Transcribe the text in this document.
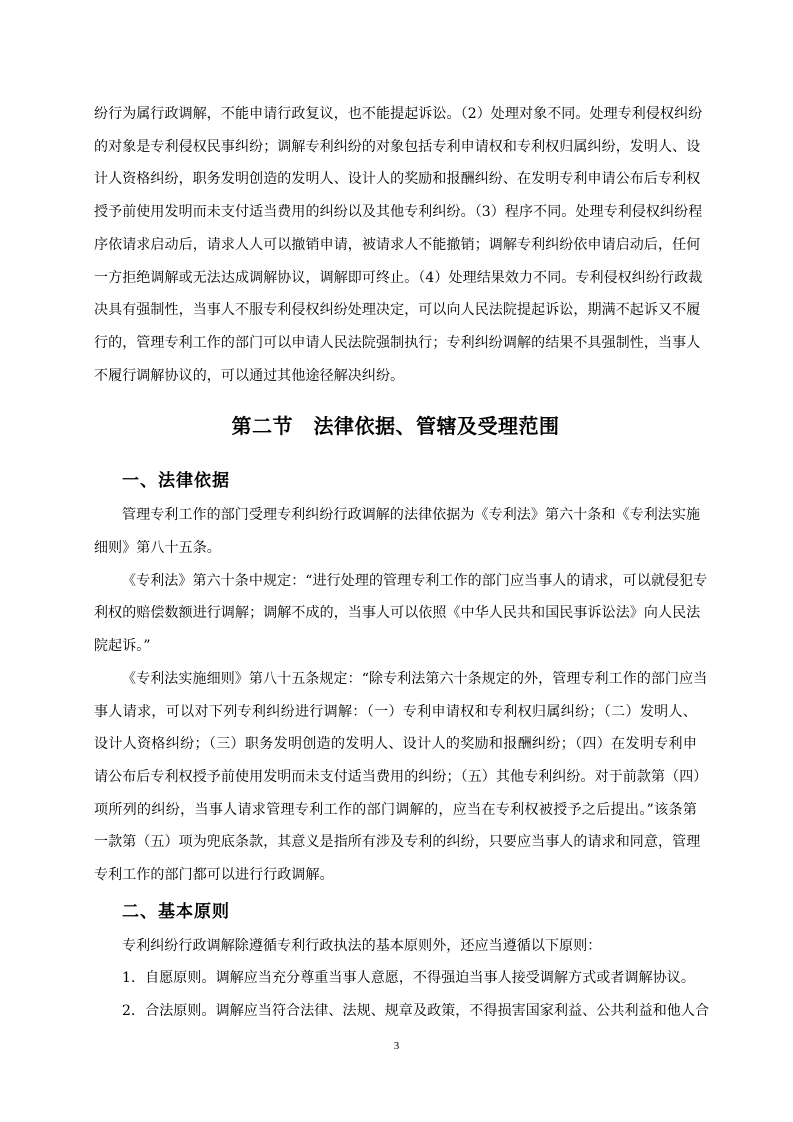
纷行为属行政调解，不能申请行政复议，也不能提起诉讼。（2）处理对象不同。处理专利侵权纠纷
的对象是专利侵权民事纠纷；调解专利纠纷的对象包括专利申请权和专利权归属纠纷，发明人、设
计人资格纠纷，职务发明创造的发明人、设计人的奖励和报酬纠纷、在发明专利申请公布后专利权
授予前使用发明而未支付适当费用的纠纷以及其他专利纠纷。（3）程序不同。处理专利侵权纠纷程
序依请求启动后，请求人人可以撤销申请，被请求人不能撤销；调解专利纠纷依申请启动后，任何
一方拒绝调解或无法达成调解协议，调解即可终止。（4）处理结果效力不同。专利侵权纠纷行政裁
决具有强制性，当事人不服专利侵权纠纷处理决定，可以向人民法院提起诉讼，期满不起诉又不履
行的，管理专利工作的部门可以申请人民法院强制执行；专利纠纷调解的结果不具强制性，当事人
不履行调解协议的，可以通过其他途径解决纠纷。
第二节　法律依据、管辖及受理范围
一、法律依据
管理专利工作的部门受理专利纠纷行政调解的法律依据为《专利法》第六十条和《专利法实施
细则》第八十五条。
《专利法》第六十条中规定：“进行处理的管理专利工作的部门应当事人的请求，可以就侵犯专
利权的赔偿数额进行调解；调解不成的，当事人可以依照《中华人民共和国民事诉讼法》向人民法
院起诉。”
《专利法实施细则》第八十五条规定：“除专利法第六十条规定的外，管理专利工作的部门应当
事人请求，可以对下列专利纠纷进行调解：（一）专利申请权和专利权归属纠纷；（二）发明人、
设计人资格纠纷；（三）职务发明创造的发明人、设计人的奖励和报酬纠纷；（四）在发明专利申
请公布后专利权授予前使用发明而未支付适当费用的纠纷；（五）其他专利纠纷。对于前款第（四）
项所列的纠纷，当事人请求管理专利工作的部门调解的，应当在专利权被授予之后提出。”该条第
一款第（五）项为兜底条款，其意义是指所有涉及专利的纠纷，只要应当事人的请求和同意，管理
专利工作的部门都可以进行行政调解。
二、基本原则
专利纠纷行政调解除遵循专利行政执法的基本原则外，还应当遵循以下原则：
1．自愿原则。调解应当充分尊重当事人意愿，不得强迫当事人接受调解方式或者调解协议。
2．合法原则。调解应当符合法律、法规、规章及政策，不得损害国家利益、公共利益和他人合
3
